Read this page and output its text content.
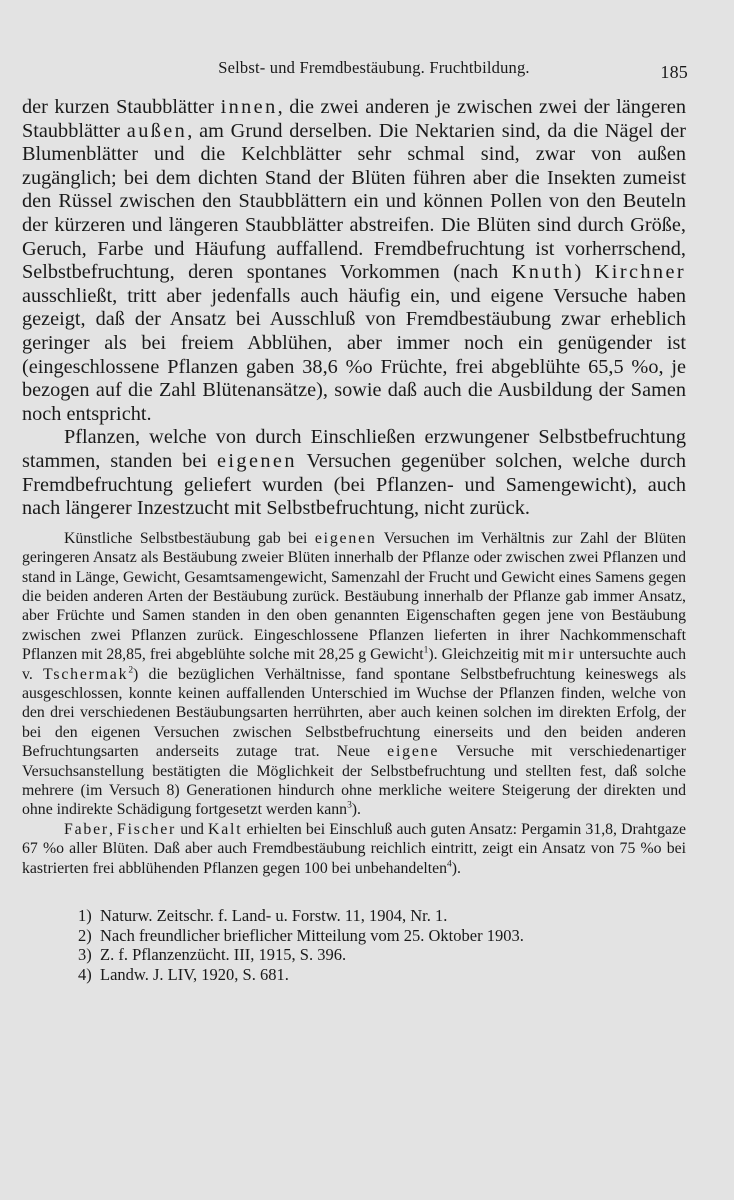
Selbst- und Fremdbestäubung. Fruchtbildung.	185

der kurzen Staubblätter innen, die zwei anderen je zwischen zwei der längeren Staubblätter außen, am Grund derselben. Die Nektarien sind, da die Nägel der Blumenblätter und die Kelchblätter sehr schmal sind, zwar von außen zugänglich; bei dem dichten Stand der Blüten führen aber die Insekten zumeist den Rüssel zwischen den Staubblättern ein und können Pollen von den Beuteln der kürzeren und längeren Staubblätter abstreifen. Die Blüten sind durch Größe, Geruch, Farbe und Häufung auffallend. Fremdbefruchtung ist vorherrschend, Selbstbefruchtung, deren spontanes Vorkommen (nach Knuth) Kirchner ausschließt, tritt aber jedenfalls auch häufig ein, und eigene Versuche haben gezeigt, daß der Ansatz bei Ausschluß von Fremdbestäubung zwar erheblich geringer als bei freiem Abblühen, aber immer noch ein genügender ist (eingeschlossene Pflanzen gaben 38,6 %o Früchte, frei abgeblühte 65,5 %o, je bezogen auf die Zahl Blütenansätze), sowie daß auch die Ausbildung der Samen noch entspricht.

Pflanzen, welche von durch Einschließen erzwungener Selbstbefruchtung stammen, standen bei eigenen Versuchen gegenüber solchen, welche durch Fremdbefruchtung geliefert wurden (bei Pflanzen- und Samengewicht), auch nach längerer Inzestzucht mit Selbstbefruchtung, nicht zurück.

Künstliche Selbstbestäubung gab bei eigenen Versuchen im Verhältnis zur Zahl der Blüten geringeren Ansatz als Bestäubung zweier Blüten innerhalb der Pflanze oder zwischen zwei Pflanzen und stand in Länge, Gewicht, Gesamtsamengewicht, Samenzahl der Frucht und Gewicht eines Samens gegen die beiden anderen Arten der Bestäubung zurück. Bestäubung innerhalb der Pflanze gab immer Ansatz, aber Früchte und Samen standen in den oben genannten Eigenschaften gegen jene von Bestäubung zwischen zwei Pflanzen zurück. Eingeschlossene Pflanzen lieferten in ihrer Nachkommenschaft Pflanzen mit 28,85, frei abgeblühte solche mit 28,25 g Gewicht$^1$). Gleichzeitig mit mir untersuchte auch v. Tschermak$^2$) die bezüglichen Verhältnisse, fand spontane Selbstbefruchtung keineswegs als ausgeschlossen, konnte keinen auffallenden Unterschied im Wuchse der Pflanzen finden, welche von den drei verschiedenen Bestäubungsarten herrührten, aber auch keinen solchen im direkten Erfolg, der bei den eigenen Versuchen zwischen Selbstbefruchtung einerseits und den beiden anderen Befruchtungsarten anderseits zutage trat. Neue eigene Versuche mit verschiedenartiger Versuchsanstellung bestätigten die Möglichkeit der Selbstbefruchtung und stellten fest, daß solche mehrere (im Versuch 8) Generationen hindurch ohne merkliche weitere Steigerung der direkten und ohne indirekte Schädigung fortgesetzt werden kann$^3$).

Faber, Fischer und Kalt erhielten bei Einschluß auch guten Ansatz: Pergamin 31,8, Drahtgaze 67 %o aller Blüten. Daß aber auch Fremdbestäubung reichlich eintritt, zeigt ein Ansatz von 75 %o bei kastrierten frei abblühenden Pflanzen gegen 100 bei unbehandelten$^4$).

1) Naturw. Zeitschr. f. Land- u. Forstw. 11, 1904, Nr. 1.
2) Nach freundlicher brieflicher Mitteilung vom 25. Oktober 1903.
3) Z. f. Pflanzenzücht. III, 1915, S. 396.
4) Landw. J. LIV, 1920, S. 681.
